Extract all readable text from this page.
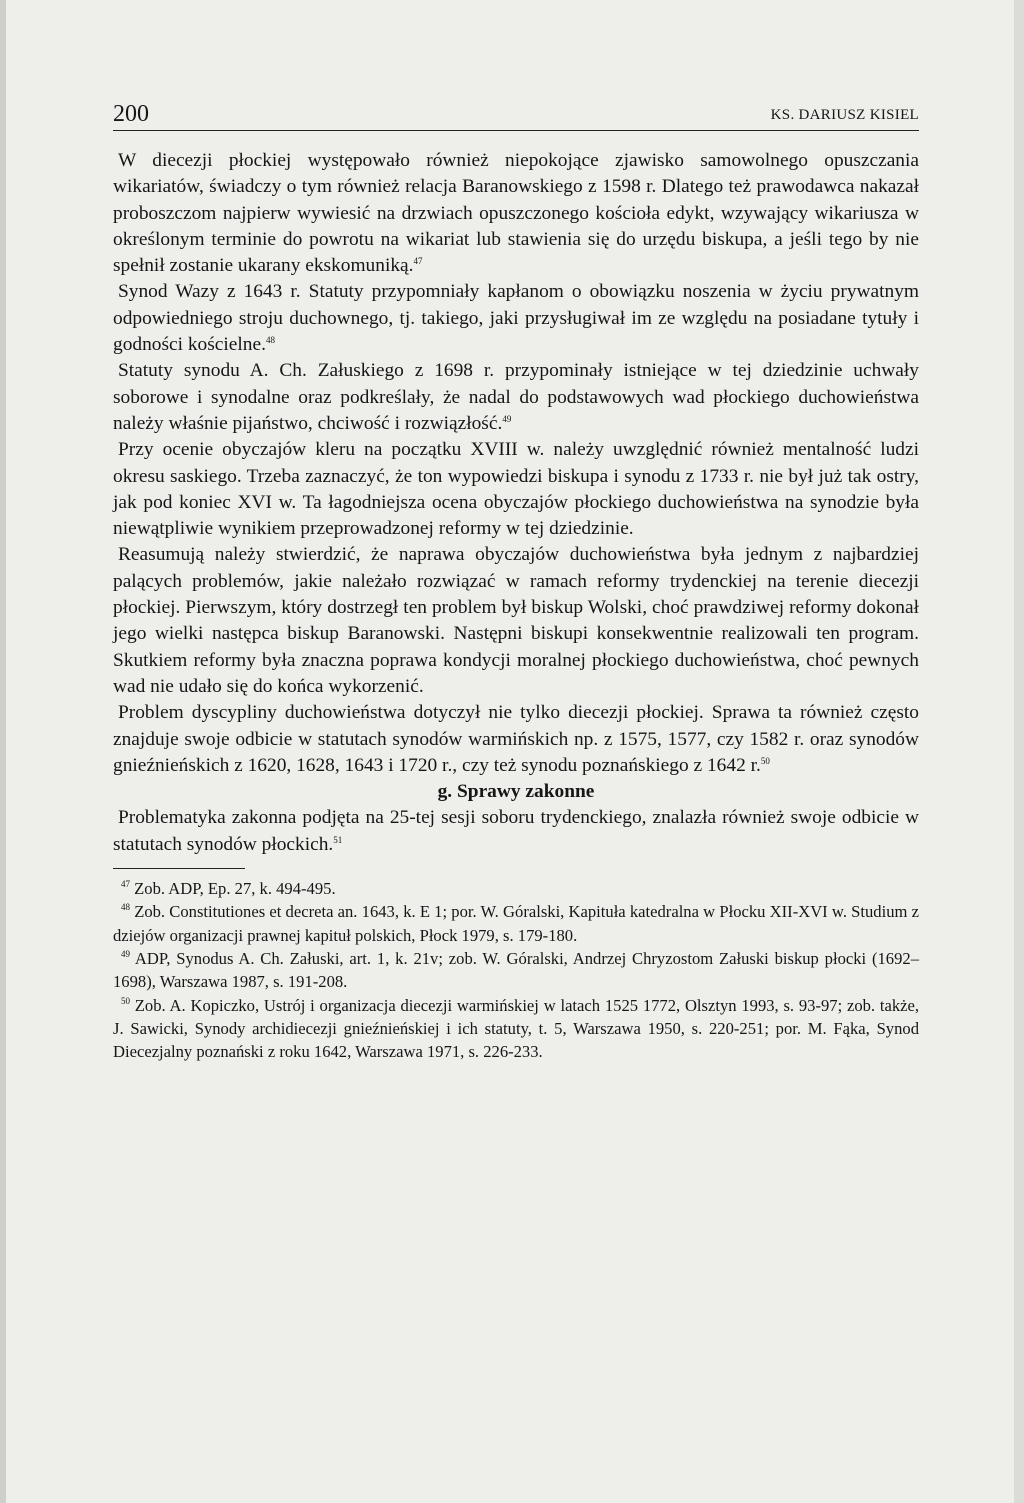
200	KS. DARIUSZ KISIEL

W diecezji płockiej występowało również niepokojące zjawisko samowolnego opuszczania wikariatów, świadczy o tym również relacja Baranowskiego z 1598 r. Dlatego też prawodawca nakazał proboszczom najpierw wywiesić na drzwiach opuszczonego kościoła edykt, wzywający wikariusza w określonym terminie do powrotu na wikariat lub stawienia się do urzędu biskupa, a jeśli tego by nie spełnił zostanie ukarany ekskomuniką.$^{47}$

Synod Wazy z 1643 r. Statuty przypomniały kapłanom o obowiązku noszenia w życiu prywatnym odpowiedniego stroju duchownego, tj. takiego, jaki przysługiwał im ze względu na posiadane tytuły i godności kościelne.$^{48}$

Statuty synodu A. Ch. Załuskiego z 1698 r. przypominały istniejące w tej dziedzinie uchwały soborowe i synodalne oraz podkreślały, że nadal do podstawowych wad płockiego duchowieństwa należy właśnie pijaństwo, chciwość i rozwiązłość.$^{49}$

Przy ocenie obyczajów kleru na początku XVIII w. należy uwzględnić również mentalność ludzi okresu saskiego. Trzeba zaznaczyć, że ton wypowiedzi biskupa i synodu z 1733 r. nie był już tak ostry, jak pod koniec XVI w. Ta łagodniejsza ocena obyczajów płockiego duchowieństwa na synodzie była niewątpliwie wynikiem przeprowadzonej reformy w tej dziedzinie.

Reasumują należy stwierdzić, że naprawa obyczajów duchowieństwa była jednym z najbardziej palących problemów, jakie należało rozwiązać w ramach reformy trydenckiej na terenie diecezji płockiej. Pierwszym, który dostrzegł ten problem był biskup Wolski, choć prawdziwej reformy dokonał jego wielki następca biskup Baranowski. Następni biskupi konsekwentnie realizowali ten program. Skutkiem reformy była znaczna poprawa kondycji moralnej płockiego duchowieństwa, choć pewnych wad nie udało się do końca wykorzenić.

Problem dyscypliny duchowieństwa dotyczył nie tylko diecezji płockiej. Sprawa ta również często znajduje swoje odbicie w statutach synodów warmińskich np. z 1575, 1577, czy 1582 r. oraz synodów gnieźnieńskich z 1620, 1628, 1643 i 1720 r., czy też synodu poznańskiego z 1642 r.$^{50}$

g. Sprawy zakonne

Problematyka zakonna podjęta na 25-tej sesji soboru trydenckiego, znalazła również swoje odbicie w statutach synodów płockich.$^{51}$

$^{47}$ Zob. ADP, Ep. 27, k. 494-495.

$^{48}$ Zob. Constitutiones et decreta an. 1643, k. E 1; por. W. Góralski, Kapituła katedralna w Płocku XII-XVI w. Studium z dziejów organizacji prawnej kapituł polskich, Płock 1979, s. 179-180.

$^{49}$ ADP, Synodus A. Ch. Załuski, art. 1, k. 21v; zob. W. Góralski, Andrzej Chryzostom Załuski biskup płocki (1692–1698), Warszawa 1987, s. 191-208.

$^{50}$ Zob. A. Kopiczko, Ustrój i organizacja diecezji warmińskiej w latach 1525 1772, Olsztyn 1993, s. 93-97; zob. także, J. Sawicki, Synody archidiecezji gnieźnieńskiej i ich statuty, t. 5, Warszawa 1950, s. 220-251; por. M. Fąka, Synod Diecezjalny poznański z roku 1642, Warszawa 1971, s. 226-233.
